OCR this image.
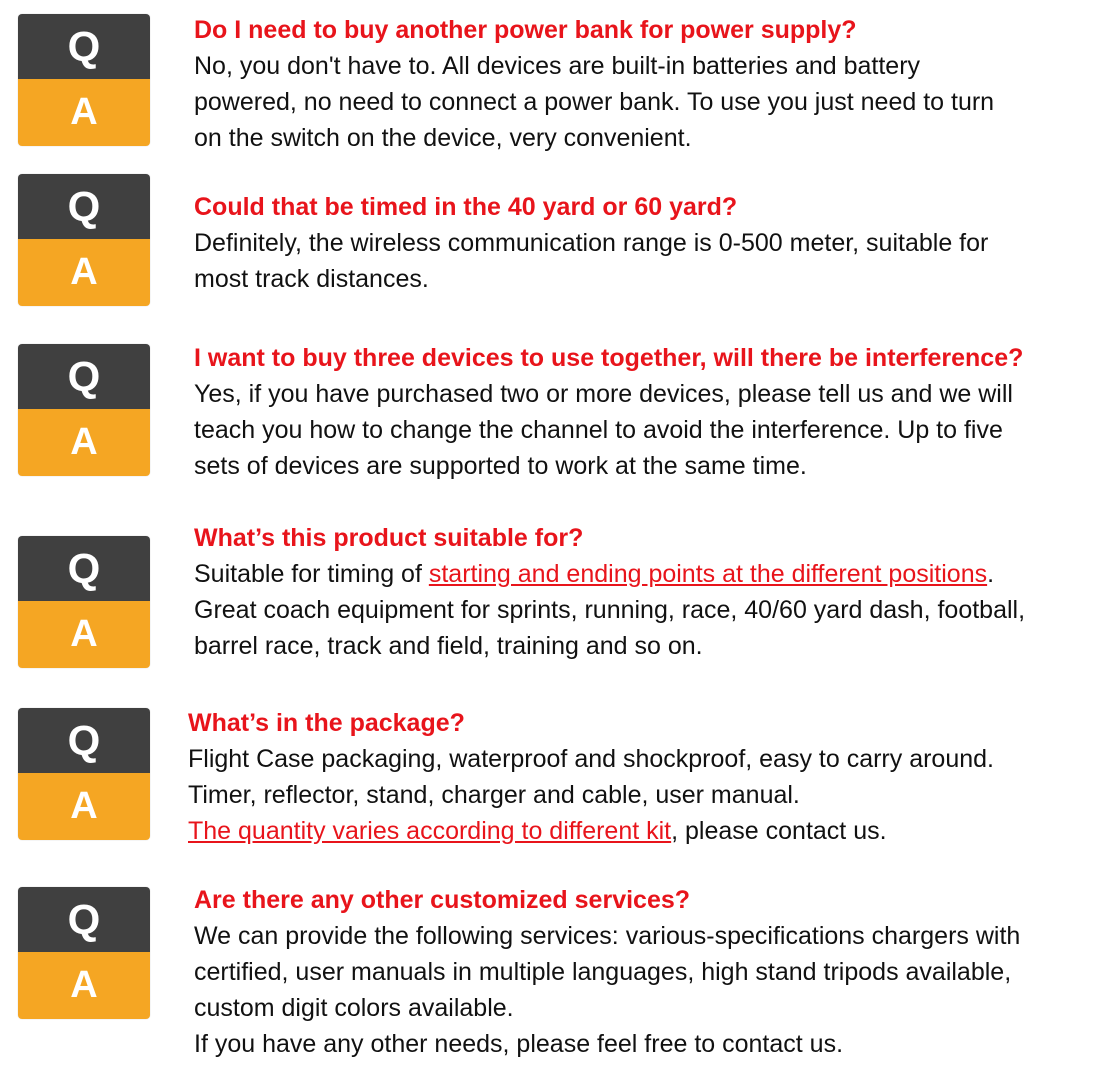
Q
A
Do I need to buy another power bank for power supply?

No, you don't have to. All devices are built-in batteries and battery

powered, no need to connect a power bank. To use you just need to turn

on the switch on the device, very convenient.

Q
A
Could that be timed in the 40 yard or 60 yard?

Definitely, the wireless communication range is 0-500 meter, suitable for

most track distances.

Q
A
I want to buy three devices to use together, will there be interference?

Yes, if you have purchased two or more devices, please tell us and we will

teach you how to change the channel to avoid the interference. Up to five

sets of devices are supported to work at the same time.

Q
A
What’s this product suitable for?

Suitable for timing of starting and ending points at the different positions.

Great coach equipment for sprints, running, race, 40/60 yard dash, football,

barrel race, track and field, training and so on.

Q
A
What’s in the package?

Flight Case packaging, waterproof and shockproof, easy to carry around.

Timer, reflector, stand, charger and cable, user manual.

The quantity varies according to different kit, please contact us.

Q
A
Are there any other customized services?

We can provide the following services: various-specifications chargers with

certified, user manuals in multiple languages, high stand tripods available,

custom digit colors available.

If you have any other needs, please feel free to contact us.
